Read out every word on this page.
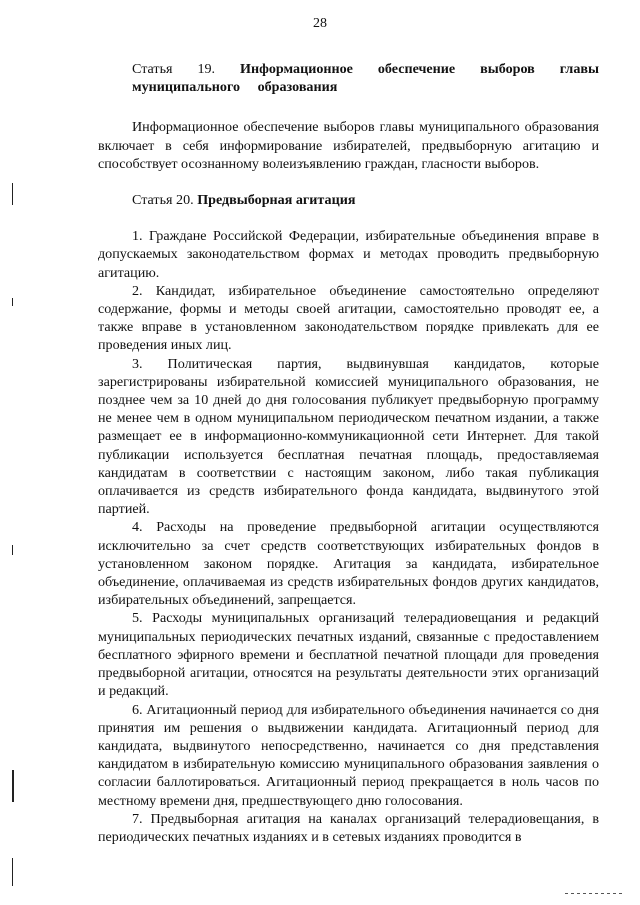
28
Статья 19. Информационное обеспечение выборов главы муниципального образования

Информационное обеспечение выборов главы муниципального образования включает в себя информирование избирателей, предвыборную агитацию и способствует осознанному волеизъявлению граждан, гласности выборов.

Статья 20. Предвыборная агитация

1. Граждане Российской Федерации, избирательные объединения вправе в допускаемых законодательством формах и методах проводить предвыборную агитацию.

2. Кандидат, избирательное объединение самостоятельно определяют содержание, формы и методы своей агитации, самостоятельно проводят ее, а также вправе в установленном законодательством порядке привлекать для ее проведения иных лиц.

3. Политическая партия, выдвинувшая кандидатов, которые зарегистрированы избирательной комиссией муниципального образования, не позднее чем за 10 дней до дня голосования публикует предвыборную программу не менее чем в одном муниципальном периодическом печатном издании, а также размещает ее в информационно-коммуникационной сети Интернет. Для такой публикации используется бесплатная печатная площадь, предоставляемая кандидатам в соответствии с настоящим законом, либо такая публикация оплачивается из средств избирательного фонда кандидата, выдвинутого этой партией.

4. Расходы на проведение предвыборной агитации осуществляются исключительно за счет средств соответствующих избирательных фондов в установленном законом порядке. Агитация за кандидата, избирательное объединение, оплачиваемая из средств избирательных фондов других кандидатов, избирательных объединений, запрещается.

5. Расходы муниципальных организаций телерадиовещания и редакций муниципальных периодических печатных изданий, связанные с предоставлением бесплатного эфирного времени и бесплатной печатной площади для проведения предвыборной агитации, относятся на результаты деятельности этих организаций и редакций.

6. Агитационный период для избирательного объединения начинается со дня принятия им решения о выдвижении кандидата. Агитационный период для кандидата, выдвинутого непосредственно, начинается со дня представления кандидатом в избирательную комиссию муниципального образования заявления о согласии баллотироваться. Агитационный период прекращается в ноль часов по местному времени дня, предшествующего дню голосования.

7. Предвыборная агитация на каналах организаций телерадиовещания, в периодических печатных изданиях и в сетевых изданиях проводится в
